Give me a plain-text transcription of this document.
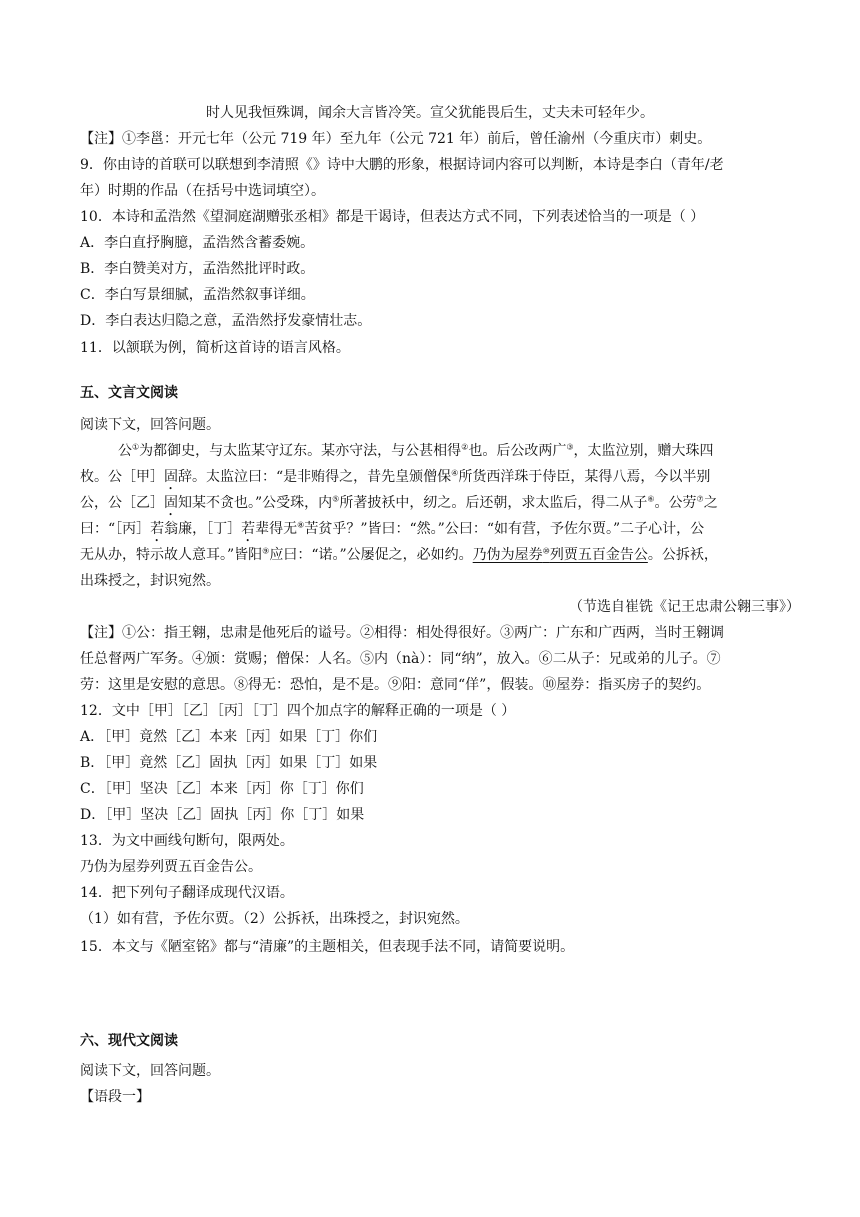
时人见我恒殊调，闻余大言皆冷笑。宣父犹能畏后生，丈夫未可轻年少。
【注】①李邕：开元七年（公元 719 年）至九年（公元 721 年）前后，曾任渝州（今重庆市）刺史。
9．你由诗的首联可以联想到李清照《》诗中大鹏的形象，根据诗词内容可以判断，本诗是李白（青年/老
年）时期的作品（在括号中选词填空）。
10．本诗和孟浩然《望洞庭湖赠张丞相》都是干谒诗，但表达方式不同，下列表述恰当的一项是（ ）
A．李白直抒胸臆，孟浩然含蓄委婉。
B．李白赞美对方，孟浩然批评时政。
C．李白写景细腻，孟浩然叙事详细。
D．李白表达归隐之意，孟浩然抒发豪情壮志。
11．以颔联为例，简析这首诗的语言风格。
五、文言文阅读
阅读下文，回答问题。
公①为都御史，与太监某守辽东。某亦守法，与公甚相得②也。后公改两广③，太监泣别，赠大珠四
枚。公［甲］固辞。太监泣曰：“是非贿得之，昔先皇颁僧保④所货西洋珠于侍臣，某得八焉，今以半别
公，公［乙］固知某不贪也。”公受珠，内⑤所著披袄中，纫之。后还朝，求太监后，得二从子⑥。公劳⑦之
曰：“［丙］若翁廉，［丁］若辈得无⑧苦贫乎？”皆曰：“然。”公曰：“如有营，予佐尔贾。”二子心计，公
无从办，特示故人意耳。”皆阳⑨应曰：“诺。”公屡促之，必如约。乃伪为屋券⑩列贾五百金告公。公拆袄，
出珠授之，封识宛然。
（节选自崔铣《记王忠肃公翱三事》）
【注】①公：指王翱，忠肃是他死后的谥号。②相得：相处得很好。③两广：广东和广西两，当时王翱调
任总督两广军务。④颁：赏赐；僧保：人名。⑤内（nà）：同“纳”，放入。⑥二从子：兄或弟的儿子。⑦
劳：这里是安慰的意思。⑧得无：恐怕，是不是。⑨阳：意同“佯”，假装。⑩屋券：指买房子的契约。
12．文中［甲］［乙］［丙］［丁］四个加点字的解释正确的一项是（ ）
A．［甲］竟然［乙］本来［丙］如果［丁］你们
B．［甲］竟然［乙］固执［丙］如果［丁］如果
C．［甲］坚决［乙］本来［丙］你［丁］你们
D．［甲］坚决［乙］固执［丙］你［丁］如果
13．为文中画线句断句，限两处。
乃伪为屋券列贾五百金告公。
14．把下列句子翻译成现代汉语。
（1）如有营，予佐尔贾。（2）公拆袄，出珠授之，封识宛然。
15．本文与《陋室铭》都与“清廉”的主题相关，但表现手法不同，请简要说明。
六、现代文阅读
阅读下文，回答问题。
【语段一】
